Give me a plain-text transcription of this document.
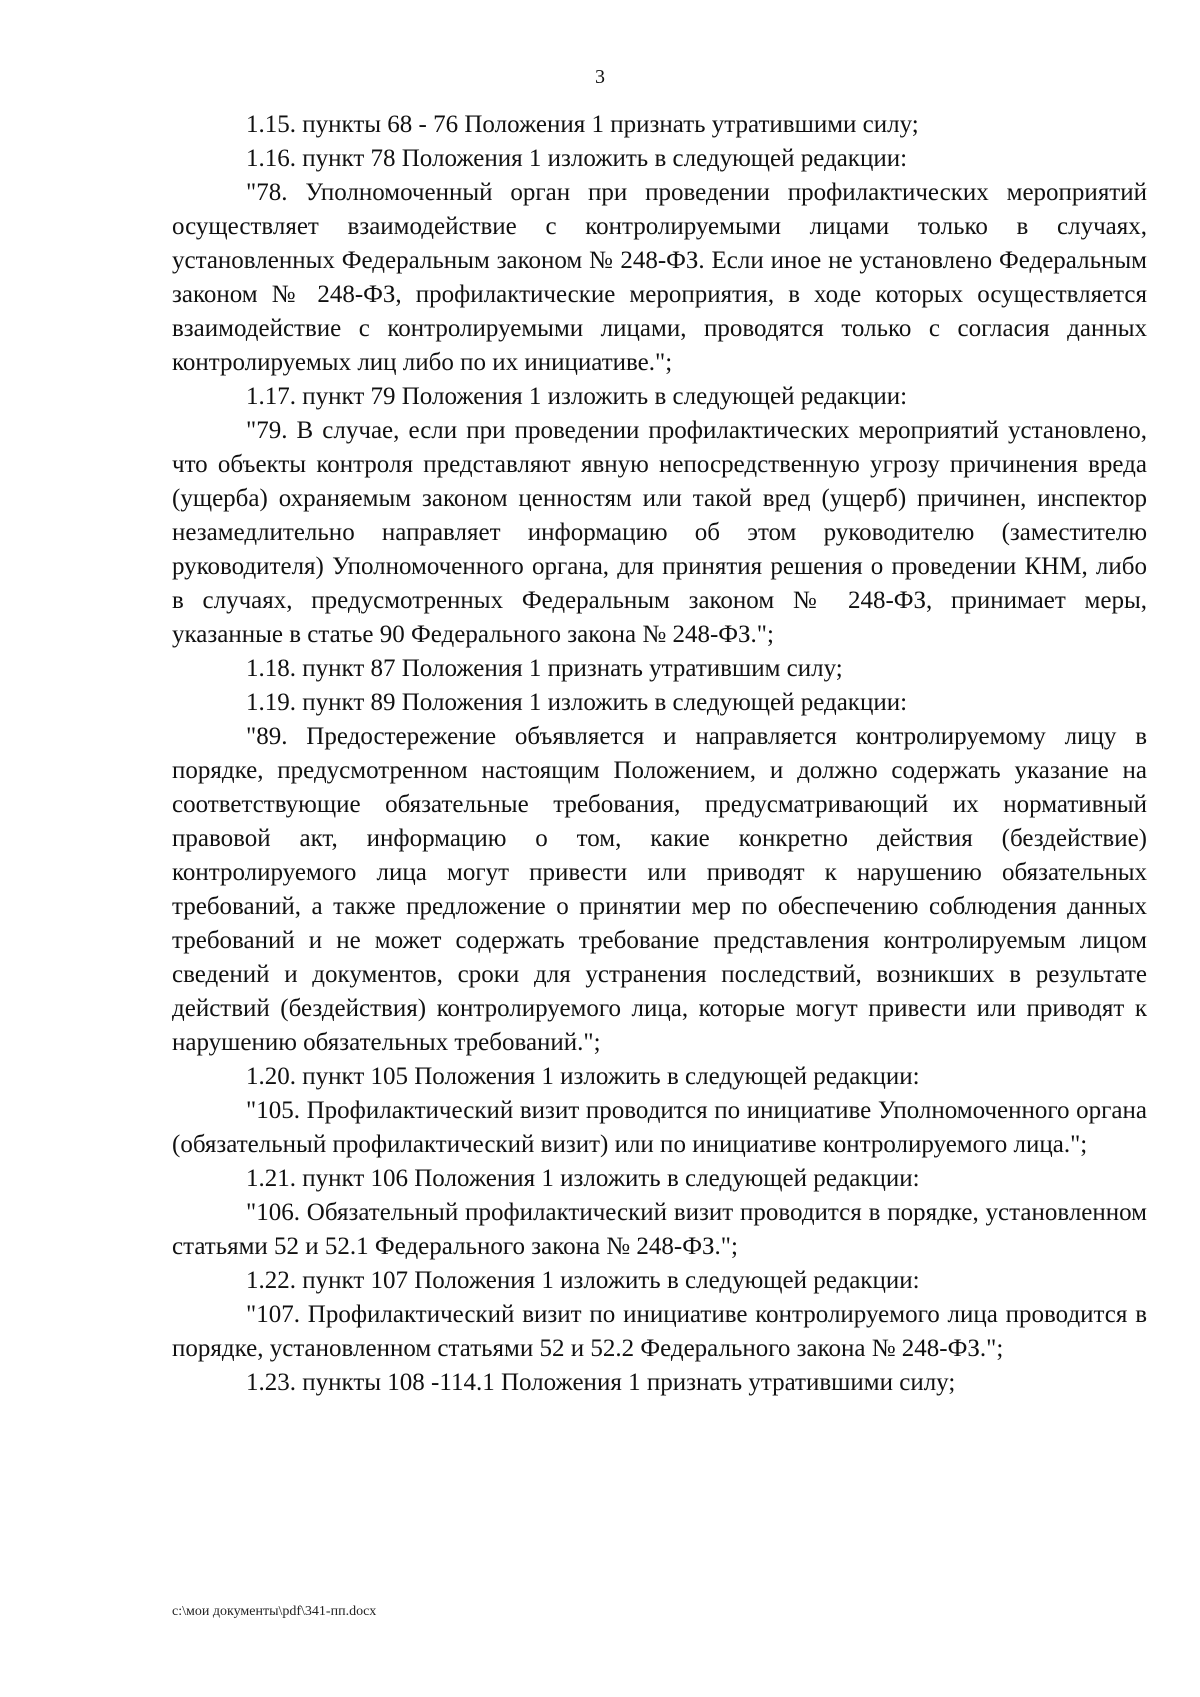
3

1.15. пункты 68 - 76 Положения 1 признать утратившими силу;

1.16. пункт 78 Положения 1 изложить в следующей редакции:

"78. Уполномоченный орган при проведении профилактических мероприятий осуществляет взаимодействие с контролируемыми лицами только в случаях, установленных Федеральным законом № 248-ФЗ. Если иное не установлено Федеральным законом № 248-ФЗ, профилактические мероприятия, в ходе которых осуществляется взаимодействие с контролируемыми лицами, проводятся только с согласия данных контролируемых лиц либо по их инициативе.";

1.17. пункт 79 Положения 1 изложить в следующей редакции:

"79. В случае, если при проведении профилактических мероприятий установлено, что объекты контроля представляют явную непосредственную угрозу причинения вреда (ущерба) охраняемым законом ценностям или такой вред (ущерб) причинен, инспектор незамедлительно направляет информацию об этом руководителю (заместителю руководителя) Уполномоченного органа, для принятия решения о проведении КНМ, либо в случаях, предусмотренных Федеральным законом № 248-ФЗ, принимает меры, указанные в статье 90 Федерального закона № 248-ФЗ.";

1.18. пункт 87 Положения 1 признать утратившим силу;

1.19. пункт 89 Положения 1 изложить в следующей редакции:

"89. Предостережение объявляется и направляется контролируемому лицу в порядке, предусмотренном настоящим Положением, и должно содержать указание на соответствующие обязательные требования, предусматривающий их нормативный правовой акт, информацию о том, какие конкретно действия (бездействие) контролируемого лица могут привести или приводят к нарушению обязательных требований, а также предложение о принятии мер по обеспечению соблюдения данных требований и не может содержать требование представления контролируемым лицом сведений и документов, сроки для устранения последствий, возникших в результате действий (бездействия) контролируемого лица, которые могут привести или приводят к нарушению обязательных требований.";

1.20. пункт 105 Положения 1 изложить в следующей редакции:

"105. Профилактический визит проводится по инициативе Уполномоченного органа (обязательный профилактический визит) или по инициативе контролируемого лица.";

1.21. пункт 106 Положения 1 изложить в следующей редакции:

"106. Обязательный профилактический визит проводится в порядке, установленном статьями 52 и 52.1 Федерального закона № 248-ФЗ.";

1.22. пункт 107 Положения 1 изложить в следующей редакции:

"107. Профилактический визит по инициативе контролируемого лица проводится в порядке, установленном статьями 52 и 52.2 Федерального закона № 248-ФЗ.";

1.23. пункты 108 -114.1 Положения 1 признать утратившими силу;

c:\мои документы\pdf\341-пп.docx
